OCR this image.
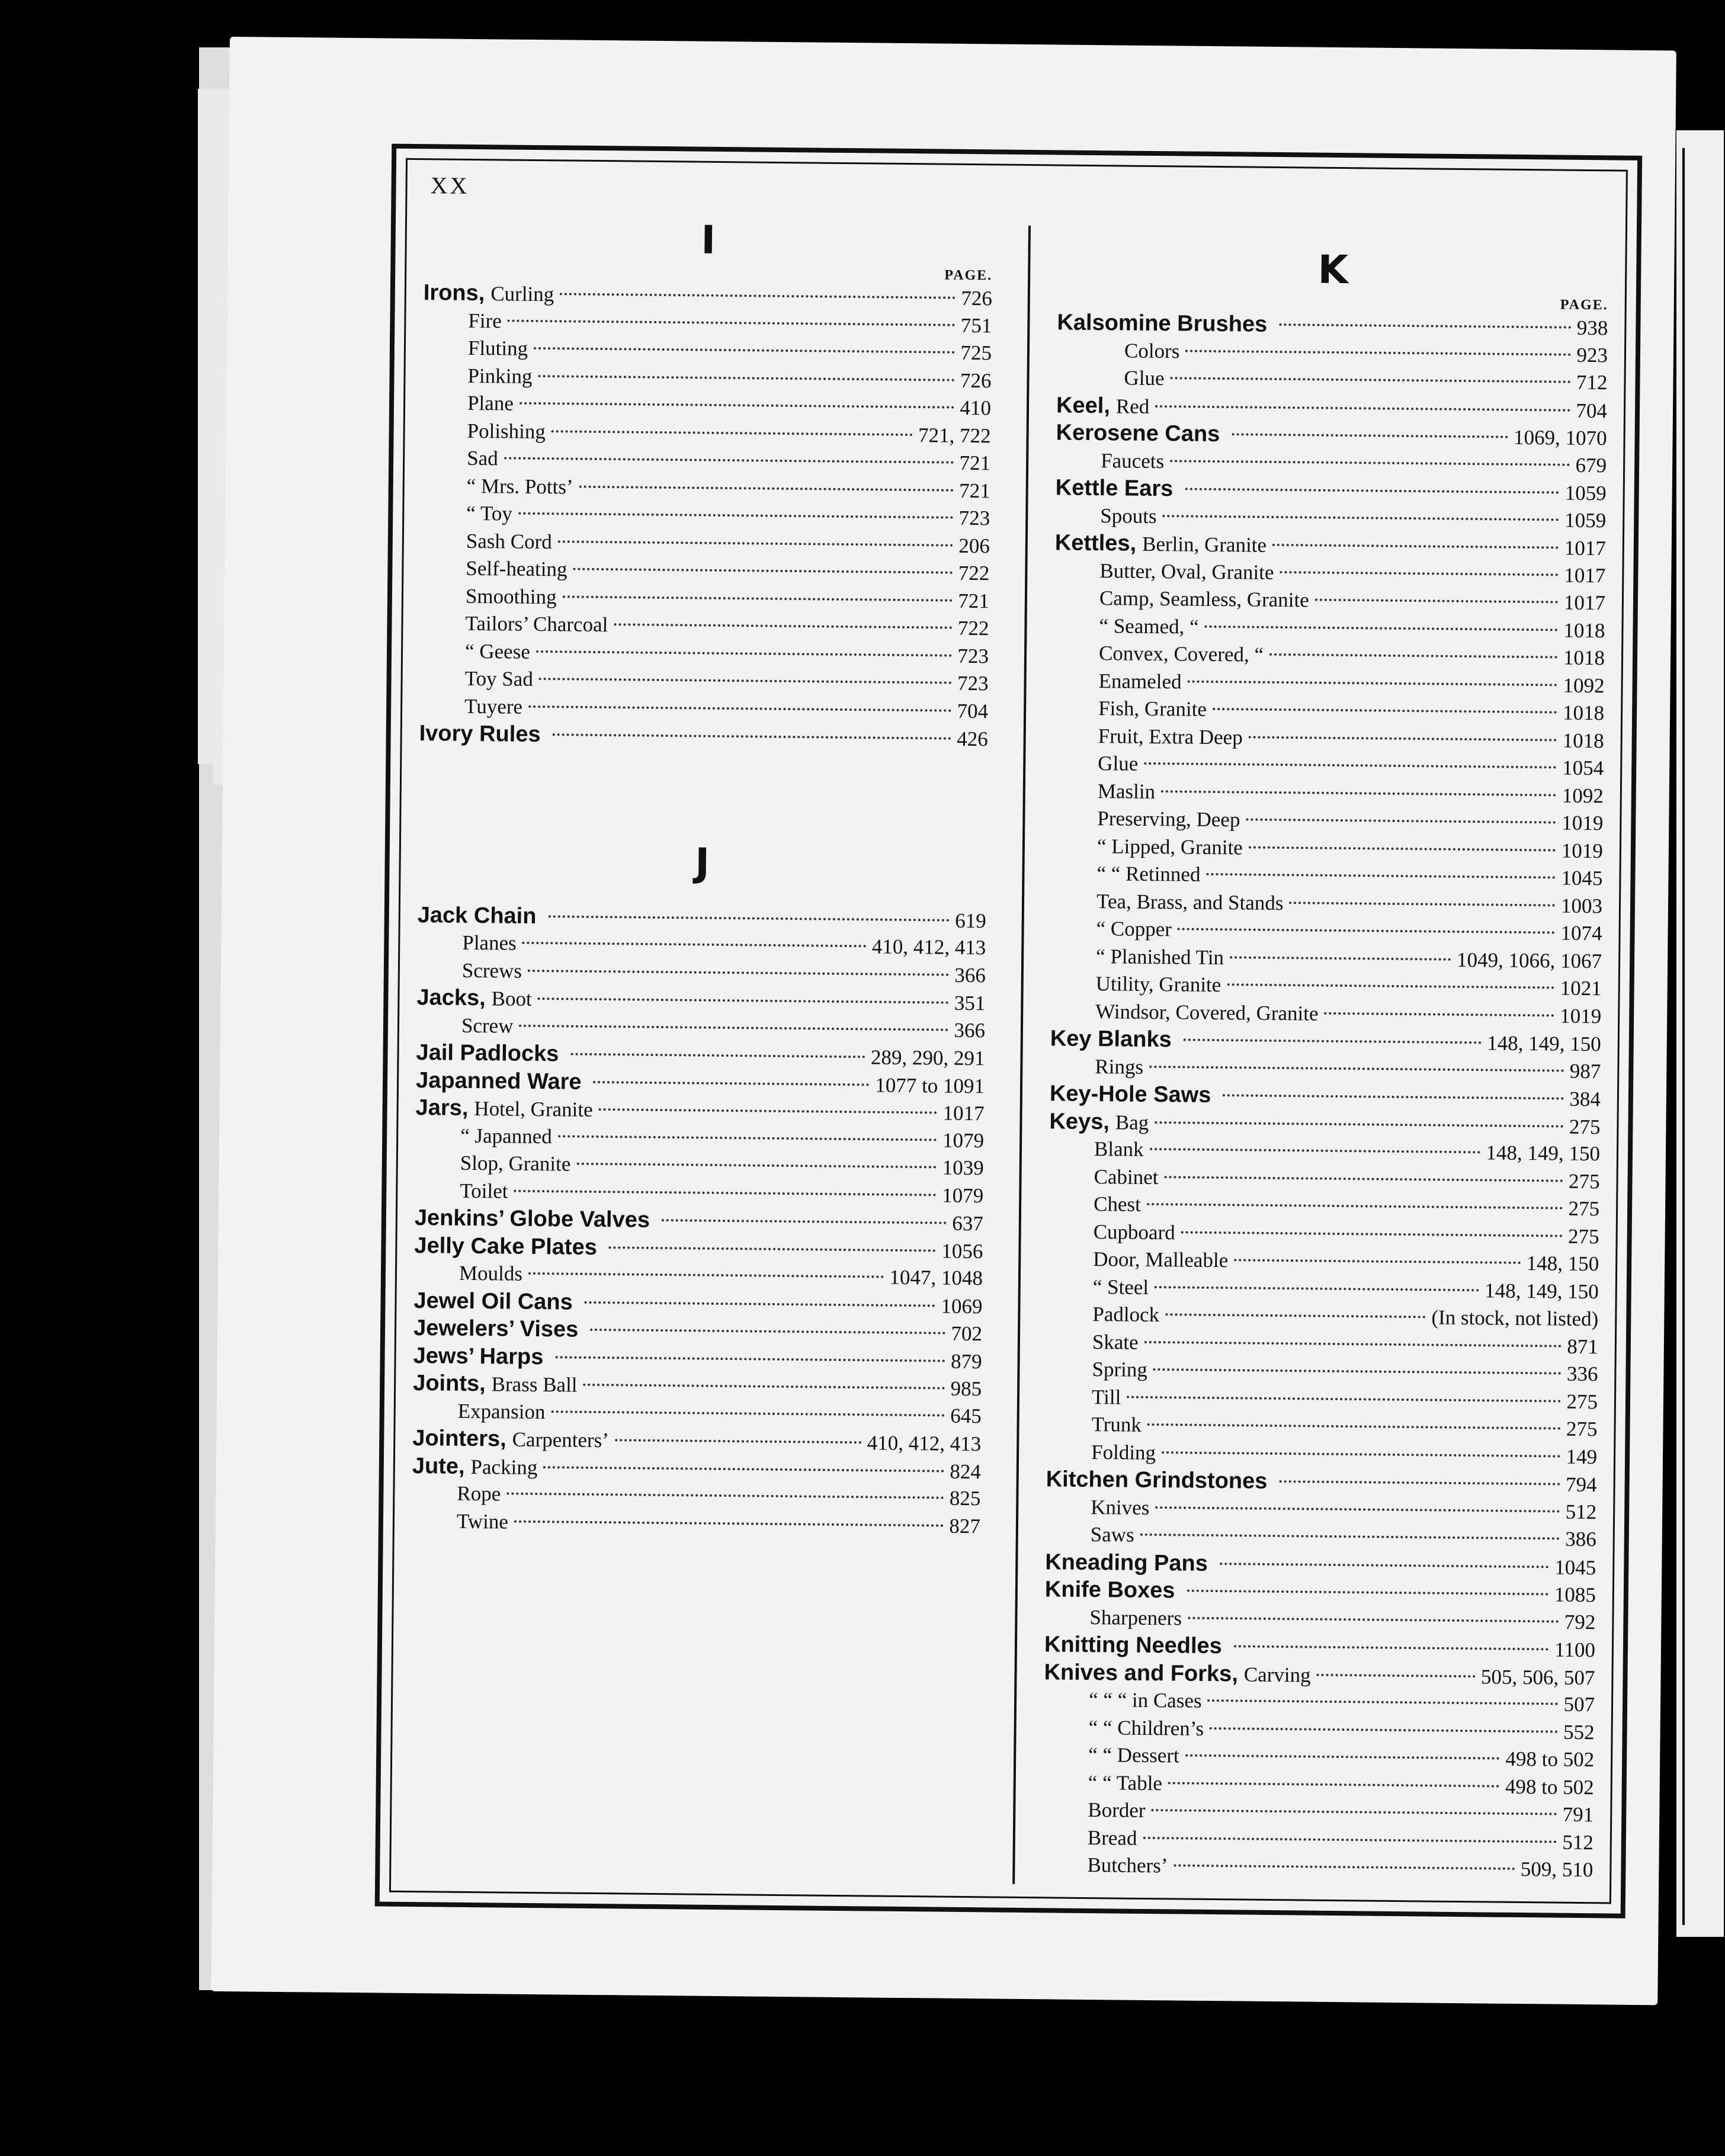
XX
I
PAGE.
Irons, Curling	726
Fire	751
Fluting	725
Pinking	726
Plane	410
Polishing	721, 722
Sad	721
“ Mrs. Potts’	721
“ Toy	723
Sash Cord	206
Self-heating	722
Smoothing	721
Tailors’ Charcoal	722
“ Geese	723
Toy Sad	723
Tuyere	704
Ivory Rules	426
J
Jack Chain	619
Planes	410, 412, 413
Screws	366
Jacks, Boot	351
Screw	366
Jail Padlocks	289, 290, 291
Japanned Ware	1077 to 1091
Jars, Hotel, Granite	1017
“ Japanned	1079
Slop, Granite	1039
Toilet	1079
Jenkins’ Globe Valves	637
Jelly Cake Plates	1056
Moulds	1047, 1048
Jewel Oil Cans	1069
Jewelers’ Vises	702
Jews’ Harps	879
Joints, Brass Ball	985
Expansion	645
Jointers, Carpenters’	410, 412, 413
Jute, Packing	824
Rope	825
Twine	827
K
PAGE.
Kalsomine Brushes	938
Colors	923
Glue	712
Keel, Red	704
Kerosene Cans	1069, 1070
Faucets	679
Kettle Ears	1059
Spouts	1059
Kettles, Berlin, Granite	1017
Butter, Oval, Granite	1017
Camp, Seamless, Granite	1017
“ Seamed, “	1018
Convex, Covered, “	1018
Enameled	1092
Fish, Granite	1018
Fruit, Extra Deep	1018
Glue	1054
Maslin	1092
Preserving, Deep	1019
“ Lipped, Granite	1019
“ “ Retinned	1045
Tea, Brass, and Stands	1003
“ Copper	1074
“ Planished Tin	1049, 1066, 1067
Utility, Granite	1021
Windsor, Covered, Granite	1019
Key Blanks	148, 149, 150
Rings	987
Key-Hole Saws	384
Keys, Bag	275
Blank	148, 149, 150
Cabinet	275
Chest	275
Cupboard	275
Door, Malleable	148, 150
“ Steel	148, 149, 150
Padlock	(In stock, not listed)
Skate	871
Spring	336
Till	275
Trunk	275
Folding	149
Kitchen Grindstones	794
Knives	512
Saws	386
Kneading Pans	1045
Knife Boxes	1085
Sharpeners	792
Knitting Needles	1100
Knives and Forks, Carving	505, 506, 507
“ “ “ in Cases	507
“ “ Children’s	552
“ “ Dessert	498 to 502
“ “ Table	498 to 502
Border	791
Bread	512
Butchers’	509, 510
